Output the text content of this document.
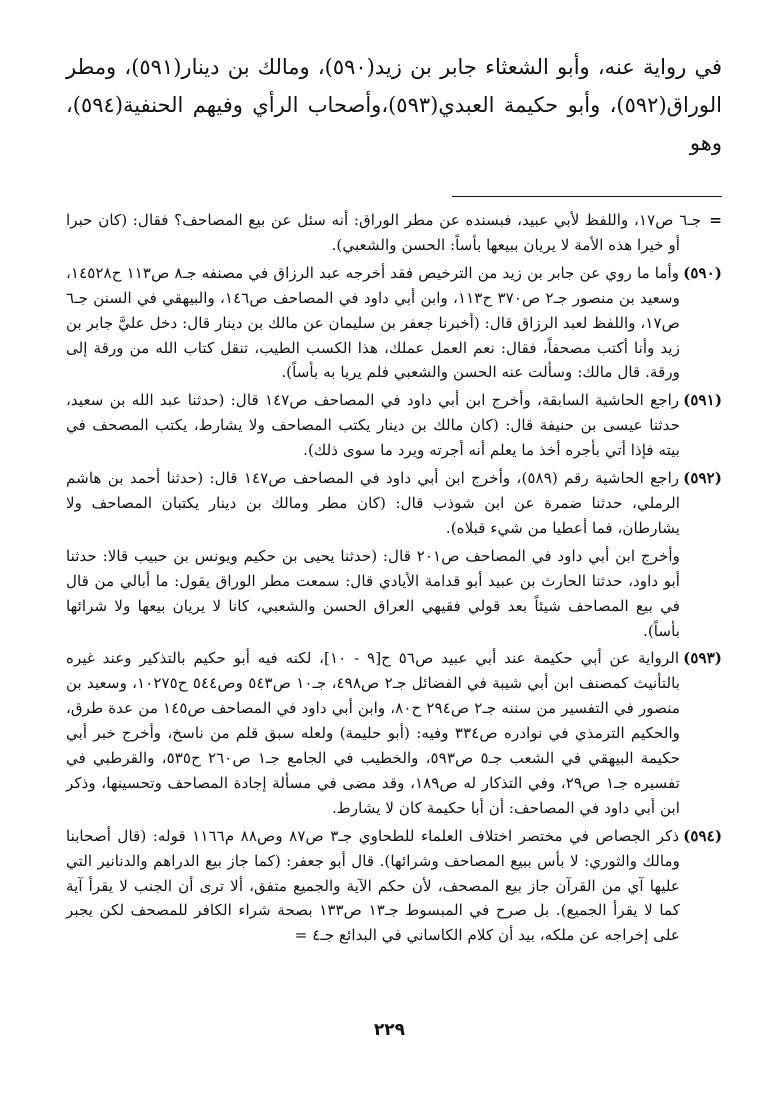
في رواية عنه، وأبو الشعثاء جابر بن زيد(٥٩٠)، ومالك بن دينار(٥٩١)، ومطر
الوراق(٥٩٢)، وأبو حكيمة العبدي(٥٩٣)،وأصحاب الرأي وفيهم الحنفية(٥٩٤)، وهو

=جـ٦ ص١٧، واللفظ لأبي عبيد، فبسنده عن مطر الوراق: أنه سئل عن بيع المصاحف؟ فقال: (كان حبرا أو خيرا هذه الأمة لا يريان ببيعها بأساً: الحسن والشعبي).

(٥٩٠)وأما ما روي عن جابر بن زيد من الترخيص فقد أخرجه عبد الرزاق في مصنفه جـ٨ ص١١٣ ح١٤٥٢٨، وسعيد بن منصور جـ٢ ص٣٧٠ ح١١٣، وابن أبي داود في المصاحف ص١٤٦، والبيهقي في السنن جـ٦ ص١٧، واللفظ لعبد الرزاق قال: (أخبرنا جعفر بن سليمان عن مالك بن دينار قال: دخل عليَّ جابر بن زيد وأنا أكتب مصحفاً، فقال: نعم العمل عملك، هذا الكسب الطيب، تنقل كتاب الله من ورقة إلى ورقة. قال مالك: وسألت عنه الحسن والشعبي فلم يريا به بأساً).

(٥٩١)راجع الحاشية السابقة، وأخرج ابن أبي داود في المصاحف ص١٤٧ قال: (حدثنا عبد الله بن سعيد، حدثنا عيسى بن حنيفة قال: (كان مالك بن دينار يكتب المصاحف ولا يشارط، يكتب المصحف في بيته فإذا أتي بأجره أخذ ما يعلم أنه أجرته ويرد ما سوى ذلك).

(٥٩٢)راجع الحاشية رقم (٥٨٩)، وأخرج ابن أبي داود في المصاحف ص١٤٧ قال: (حدثنا أحمد بن هاشم الرملي، حدثنا ضمرة عن ابن شوذب قال: (كان مطر ومالك بن دينار يكتبان المصاحف ولا يشارطان، فما أعطيا من شيء قبلاه).

وأخرج ابن أبي داود في المصاحف ص٢٠١ قال: (حدثنا يحيى بن حكيم ويونس بن حبيب قالا: حدثنا أبو داود، حدثنا الحارث بن عبيد أبو قدامة الأيادي قال: سمعت مطر الوراق يقول: ما أبالي من قال في بيع المصاحف شيئاً بعد قولي فقيهي العراق الحسن والشعبي، كانا لا يريان بيعها ولا شرائها بأساً).

(٥٩٣)الرواية عن أبي حكيمة عند أبي عبيد ص٥٦ ح[٩ - ١٠]، لكنه فيه أبو حكيم بالتذكير وعند غيره بالتأنيث كمصنف ابن أبي شيبة في الفضائل جـ٢ ص٤٩٨، جـ١٠ ص٥٤٣ وص٥٤٤ ح١٠٢٧٥، وسعيد بن منصور في التفسير من سننه جـ٢ ص٢٩٤ ح٨٠، وابن أبي داود في المصاحف ص١٤٥ من عدة طرق، والحكيم الترمذي في نوادره ص٣٣٤ وفيه: (أبو حليمة) ولعله سبق قلم من ناسخ، وأخرج خبر أبي حكيمة البيهقي في الشعب جـ٥ ص٥٩٣، والخطيب في الجامع جـ١ ص٢٦٠ ح٥٣٥، والقرطبي في تفسيره جـ١ ص٢٩، وفي التذكار له ص١٨٩، وقد مضى في مسألة إجادة المصاحف وتحسينها، وذكر ابن أبي داود في المصاحف: أن أبا حكيمة كان لا يشارط.

(٥٩٤)ذكر الجصاص في مختصر اختلاف العلماء للطحاوي جـ٣ ص٨٧ وص٨٨ م١١٦٦ قوله: (قال أصحابنا ومالك والثوري: لا بأس ببيع المصاحف وشرائها). قال أبو جعفر: (كما جاز بيع الدراهم والدنانير التي عليها آي من القرآن جاز بيع المصحف، لأن حكم الآية والجميع متفق، ألا ترى أن الجنب لا يقرأ آية كما لا يقرأ الجميع). بل صرح في المبسوط جـ١٣ ص١٣٣ بصحة شراء الكافر للمصحف لكن يجبر على إخراجه عن ملكه، بيد أن كلام الكاساني في البدائع جـ٤ =

٢٢٩
